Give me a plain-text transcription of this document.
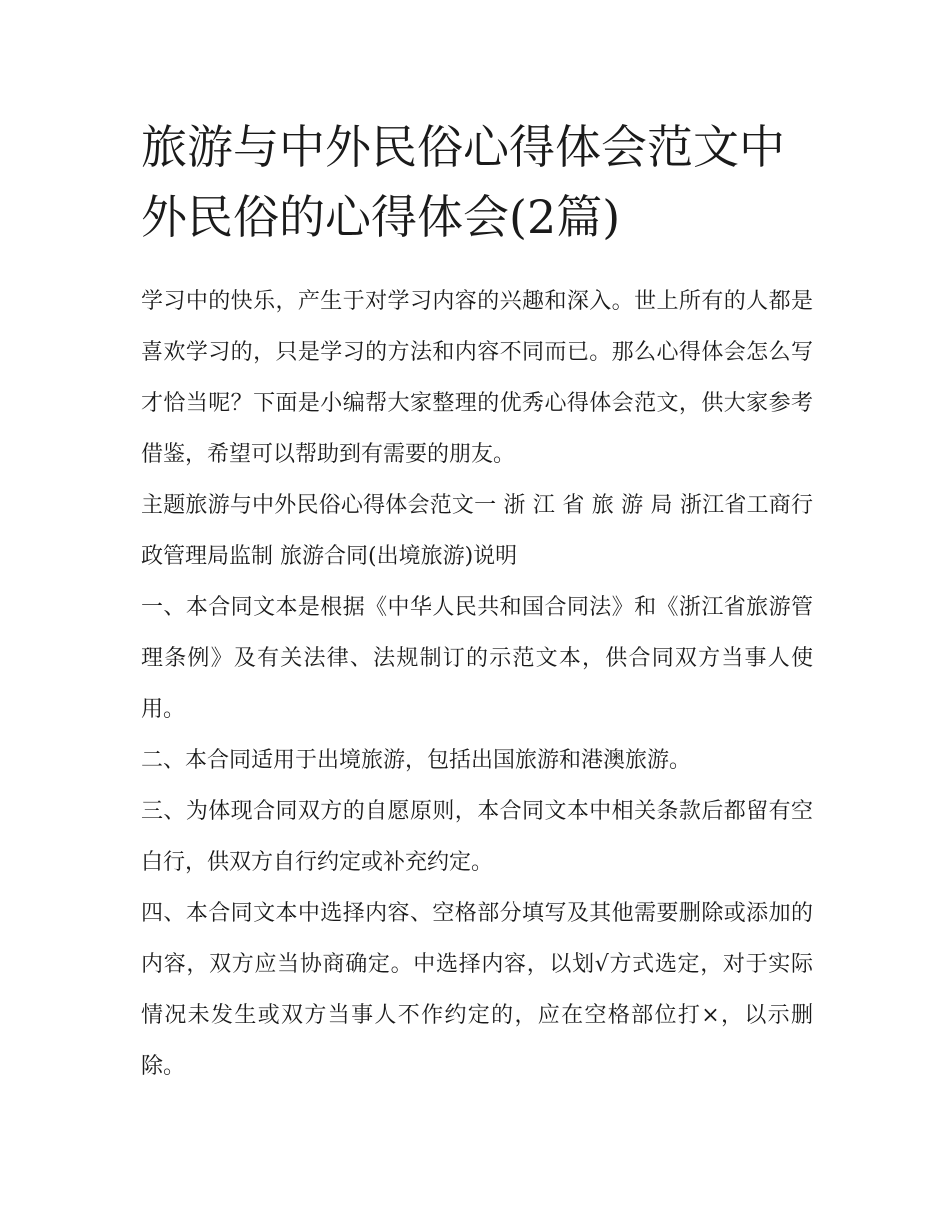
旅游与中外民俗心得体会范文中外民俗的心得体会(2篇)

学习中的快乐，产生于对学习内容的兴趣和深入。世上所有的人都是喜欢学习的，只是学习的方法和内容不同而已。那么心得体会怎么写才恰当呢？下面是小编帮大家整理的优秀心得体会范文，供大家参考借鉴，希望可以帮助到有需要的朋友。

主题旅游与中外民俗心得体会范文一 浙 江 省 旅 游 局 浙江省工商行政管理局监制 旅游合同(出境旅游)说明

一、本合同文本是根据《中华人民共和国合同法》和《浙江省旅游管理条例》及有关法律、法规制订的示范文本，供合同双方当事人使用。

二、本合同适用于出境旅游，包括出国旅游和港澳旅游。

三、为体现合同双方的自愿原则，本合同文本中相关条款后都留有空白行，供双方自行约定或补充约定。

四、本合同文本中选择内容、空格部分填写及其他需要删除或添加的内容，双方应当协商确定。中选择内容，以划√方式选定，对于实际情况未发生或双方当事人不作约定的，应在空格部位打×，以示删除。
